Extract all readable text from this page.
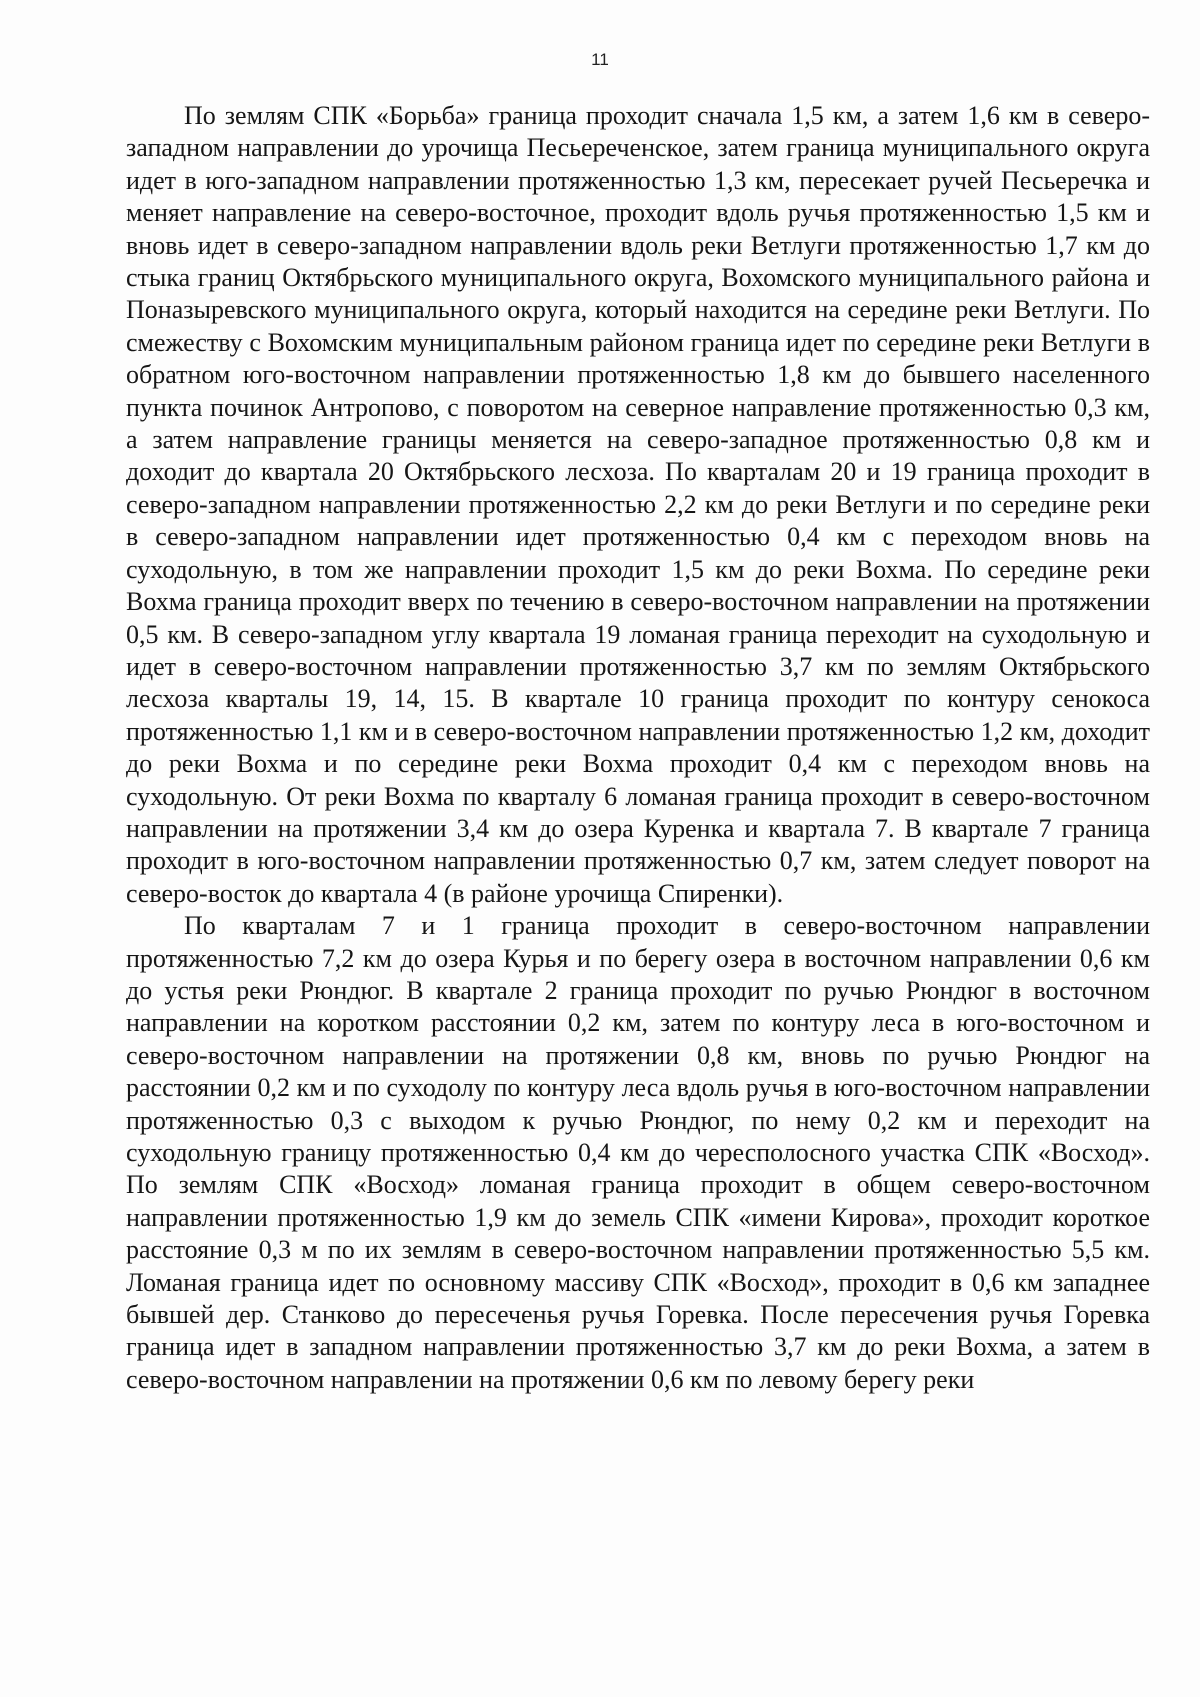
11

По землям СПК «Борьба» граница проходит сначала 1,5 км, а затем 1,6 км в северо-западном направлении до урочища Песьереченское, затем граница муниципального округа идет в юго-западном направлении протяженностью 1,3 км, пересекает ручей Песьеречка и меняет направление на северо-восточное, проходит вдоль ручья протяженностью 1,5 км и вновь идет в северо-западном направлении вдоль реки Ветлуги протяженностью 1,7 км до стыка границ Октябрьского муниципального округа, Вохомского муниципального района и Поназыревского муниципального округа, который находится на середине реки Ветлуги. По смежеству с Вохомским муниципальным районом граница идет по середине реки Ветлуги в обратном юго-восточном направлении протяженностью 1,8 км до бывшего населенного пункта починок Антропово, с поворотом на северное направление протяженностью 0,3 км, а затем направление границы меняется на северо-западное протяженностью 0,8 км и доходит до квартала 20 Октябрьского лесхоза. По кварталам 20 и 19 граница проходит в северо-западном направлении протяженностью 2,2 км до реки Ветлуги и по середине реки в северо-западном направлении идет протяженностью 0,4 км с переходом вновь на суходольную, в том же направлении проходит 1,5 км до реки Вохма. По середине реки Вохма граница проходит вверх по течению в северо-восточном направлении на протяжении 0,5 км. В северо-западном углу квартала 19 ломаная граница переходит на суходольную и идет в северо-восточном направлении протяженностью 3,7 км по землям Октябрьского лесхоза кварталы 19, 14, 15. В квартале 10 граница проходит по контуру сенокоса протяженностью 1,1 км и в северо-восточном направлении протяженностью 1,2 км, доходит до реки Вохма и по середине реки Вохма проходит 0,4 км с переходом вновь на суходольную. От реки Вохма по кварталу 6 ломаная граница проходит в северо-восточном направлении на протяжении 3,4 км до озера Куренка и квартала 7. В квартале 7 граница проходит в юго-восточном направлении протяженностью 0,7 км, затем следует поворот на северо-восток до квартала 4 (в районе урочища Спиренки).

По кварталам 7 и 1 граница проходит в северо-восточном направлении протяженностью 7,2 км до озера Курья и по берегу озера в восточном направлении 0,6 км до устья реки Рюндюг. В квартале 2 граница проходит по ручью Рюндюг в восточном направлении на коротком расстоянии 0,2 км, затем по контуру леса в юго-восточном и северо-восточном направлении на протяжении 0,8 км, вновь по ручью Рюндюг на расстоянии 0,2 км и по суходолу по контуру леса вдоль ручья в юго-восточном направлении протяженностью 0,3 с выходом к ручью Рюндюг, по нему 0,2 км и переходит на суходольную границу протяженностью 0,4 км до чересполосного участка СПК «Восход». По землям СПК «Восход» ломаная граница проходит в общем северо-восточном направлении протяженностью 1,9 км до земель СПК «имени Кирова», проходит короткое расстояние 0,3 м по их землям в северо-восточном направлении протяженностью 5,5 км. Ломаная граница идет по основному массиву СПК «Восход», проходит в 0,6 км западнее бывшей дер. Станково до пересеченья ручья Горевка. После пересечения ручья Горевка граница идет в западном направлении протяженностью 3,7 км до реки Вохма, а затем в северо-восточном направлении на протяжении 0,6 км по левому берегу реки
